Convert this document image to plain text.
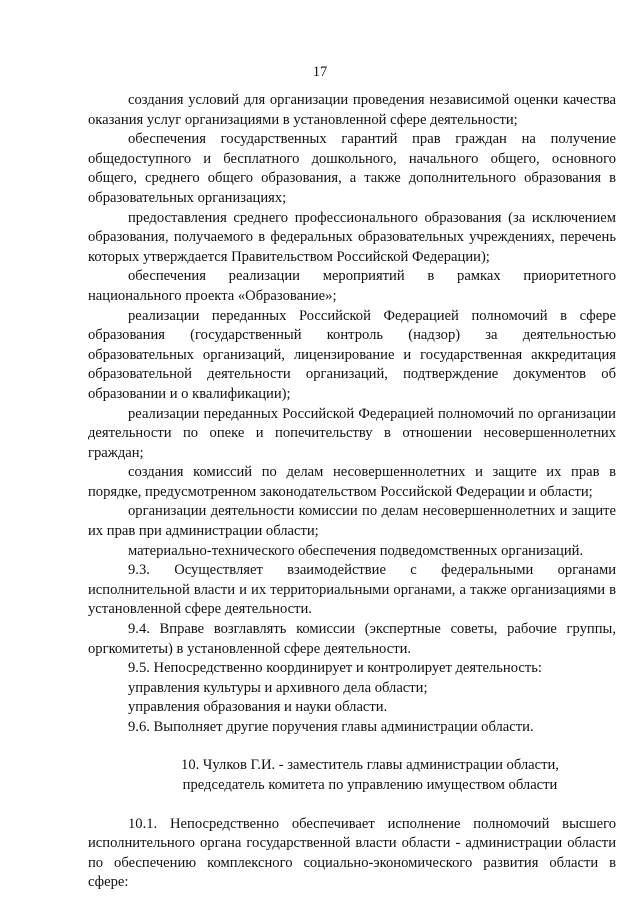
17

создания условий для организации проведения независимой оценки качества оказания услуг организациями в установленной сфере деятельности;

обеспечения государственных гарантий прав граждан на получение общедоступного и бесплатного дошкольного, начального общего, основного общего, среднего общего образования, а также дополнительного образования в образовательных организациях;

предоставления среднего профессионального образования (за исключением образования, получаемого в федеральных образовательных учреждениях, перечень которых утверждается Правительством Российской Федерации);

обеспечения реализации мероприятий в рамках приоритетного национального проекта «Образование»;

реализации переданных Российской Федерацией полномочий в сфере образования (государственный контроль (надзор) за деятельностью образовательных организаций, лицензирование и государственная аккредитация образовательной деятельности организаций, подтверждение документов об образовании и о квалификации);

реализации переданных Российской Федерацией полномочий по организации деятельности по опеке и попечительству в отношении несовершеннолетних граждан;

создания комиссий по делам несовершеннолетних и защите их прав в порядке, предусмотренном законодательством Российской Федерации и области;

организации деятельности комиссии по делам несовершеннолетних и защите их прав при администрации области;

материально-технического обеспечения подведомственных организаций.

9.3. Осуществляет взаимодействие с федеральными органами исполнительной власти и их территориальными органами, а также организациями в установленной сфере деятельности.

9.4. Вправе возглавлять комиссии (экспертные советы, рабочие группы, оргкомитеты) в установленной сфере деятельности.

9.5. Непосредственно координирует и контролирует деятельность:

управления культуры и архивного дела области;

управления образования и науки области.

9.6. Выполняет другие поручения главы администрации области.

10. Чулков Г.И. - заместитель главы администрации области,
председатель комитета по управлению имуществом области

10.1. Непосредственно обеспечивает исполнение полномочий высшего исполнительного органа государственной власти области - администрации области по обеспечению комплексного социально-экономического развития области в сфере:
